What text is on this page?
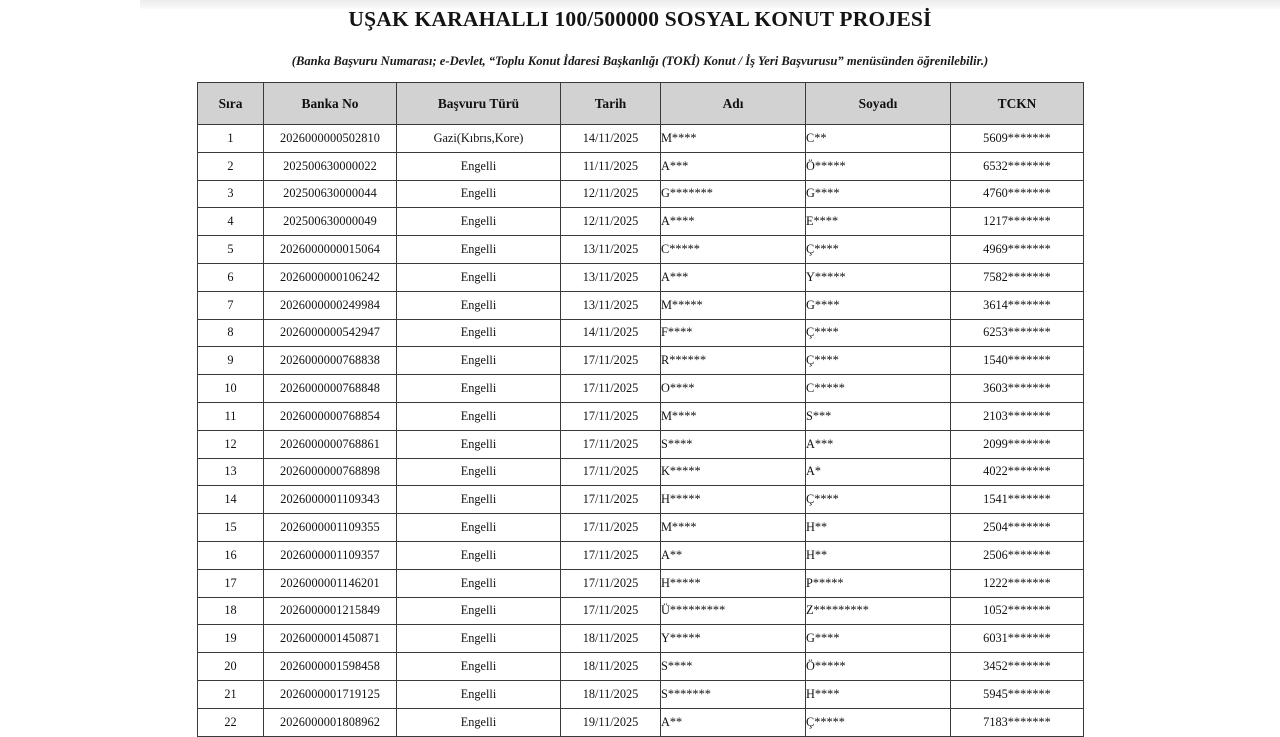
UŞAK KARAHALLI 100/500000 SOSYAL KONUT PROJESİ
(Banka Başvuru Numarası; e-Devlet, “Toplu Konut İdaresi Başkanlığı (TOKİ) Konut / İş Yeri Başvurusu” menüsünden öğrenilebilir.)
Sıra	Banka No	Başvuru Türü	Tarih	Adı	Soyadı	TCKN
1	2026000000502810	Gazi(Kıbrıs,Kore)	14/11/2025	M****	C**	5609*******
2	202500630000022	Engelli	11/11/2025	A***	Ö*****	6532*******
3	202500630000044	Engelli	12/11/2025	G*******	G****	4760*******
4	202500630000049	Engelli	12/11/2025	A****	E****	1217*******
5	2026000000015064	Engelli	13/11/2025	C*****	Ç****	4969*******
6	2026000000106242	Engelli	13/11/2025	A***	Y*****	7582*******
7	2026000000249984	Engelli	13/11/2025	M*****	G****	3614*******
8	2026000000542947	Engelli	14/11/2025	F****	Ç****	6253*******
9	2026000000768838	Engelli	17/11/2025	R******	Ç****	1540*******
10	2026000000768848	Engelli	17/11/2025	O****	C*****	3603*******
11	2026000000768854	Engelli	17/11/2025	M****	S***	2103*******
12	2026000000768861	Engelli	17/11/2025	S****	A***	2099*******
13	2026000000768898	Engelli	17/11/2025	K*****	A*	4022*******
14	2026000001109343	Engelli	17/11/2025	H*****	Ç****	1541*******
15	2026000001109355	Engelli	17/11/2025	M****	H**	2504*******
16	2026000001109357	Engelli	17/11/2025	A**	H**	2506*******
17	2026000001146201	Engelli	17/11/2025	H*****	P*****	1222*******
18	2026000001215849	Engelli	17/11/2025	Ü*********	Z*********	1052*******
19	2026000001450871	Engelli	18/11/2025	Y*****	G****	6031*******
20	2026000001598458	Engelli	18/11/2025	S****	Ö*****	3452*******
21	2026000001719125	Engelli	18/11/2025	S*******	H****	5945*******
22	2026000001808962	Engelli	19/11/2025	A**	Ç*****	7183*******
